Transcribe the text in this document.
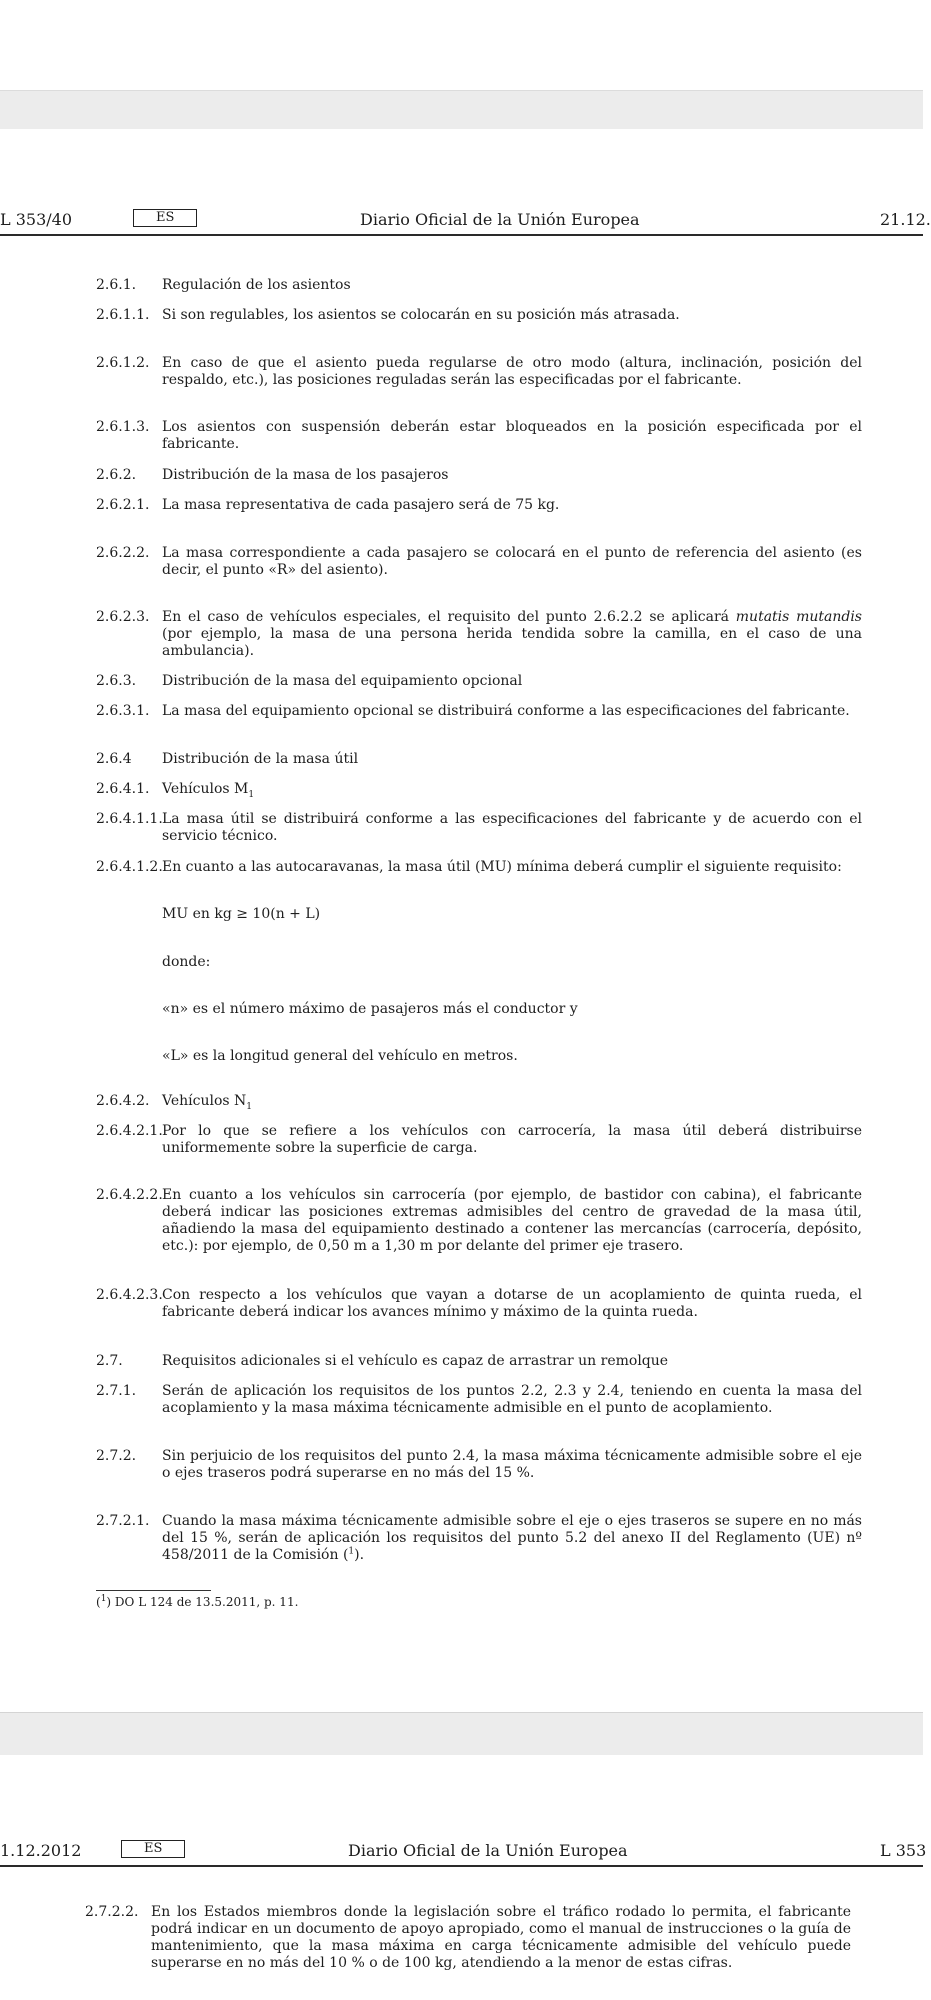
L 353/40	ES	Diario Oficial de la Unión Europea	21.12.
2.6.1. Regulación de los asientos
2.6.1.1. Si son regulables, los asientos se colocarán en su posición más atrasada.
2.6.1.2. En caso de que el asiento pueda regularse de otro modo (altura, inclinación, posición del respaldo, etc.), las posiciones reguladas serán las especificadas por el fabricante.
2.6.1.3. Los asientos con suspensión deberán estar bloqueados en la posición especificada por el fabricante.
2.6.2. Distribución de la masa de los pasajeros
2.6.2.1. La masa representativa de cada pasajero será de 75 kg.
2.6.2.2. La masa correspondiente a cada pasajero se colocará en el punto de referencia del asiento (es decir, el punto «R» del asiento).
2.6.2.3. En el caso de vehículos especiales, el requisito del punto 2.6.2.2 se aplicará mutatis mutandis (por ejemplo, la masa de una persona herida tendida sobre la camilla, en el caso de una ambulancia).
2.6.3. Distribución de la masa del equipamiento opcional
2.6.3.1. La masa del equipamiento opcional se distribuirá conforme a las especificaciones del fabricante.
2.6.4 Distribución de la masa útil
2.6.4.1. Vehículos $M_1$
2.6.4.1.1. La masa útil se distribuirá conforme a las especificaciones del fabricante y de acuerdo con el servicio técnico.
2.6.4.1.2. En cuanto a las autocaravanas, la masa útil (MU) mínima deberá cumplir el siguiente requisito:
MU en kg ≥ 10(n + L)
donde:
«n» es el número máximo de pasajeros más el conductor y
«L» es la longitud general del vehículo en metros.
2.6.4.2. Vehículos $N_1$
2.6.4.2.1. Por lo que se refiere a los vehículos con carrocería, la masa útil deberá distribuirse uniformemente sobre la superficie de carga.
2.6.4.2.2. En cuanto a los vehículos sin carrocería (por ejemplo, de bastidor con cabina), el fabricante deberá indicar las posiciones extremas admisibles del centro de gravedad de la masa útil, añadiendo la masa del equipamiento destinado a contener las mercancías (carrocería, depósito, etc.): por ejemplo, de 0,50 m a 1,30 m por delante del primer eje trasero.
2.6.4.2.3. Con respecto a los vehículos que vayan a dotarse de un acoplamiento de quinta rueda, el fabricante deberá indicar los avances mínimo y máximo de la quinta rueda.
2.7.	Requisitos adicionales si el vehículo es capaz de arrastrar un remolque
2.7.1. Serán de aplicación los requisitos de los puntos 2.2, 2.3 y 2.4, teniendo en cuenta la masa del acoplamiento y la masa máxima técnicamente admisible en el punto de acoplamiento.
2.7.2. Sin perjuicio de los requisitos del punto 2.4, la masa máxima técnicamente admisible sobre el eje o ejes traseros podrá superarse en no más del 15 %.
2.7.2.1. Cuando la masa máxima técnicamente admisible sobre el eje o ejes traseros se supere en no más del 15 %, serán de aplicación los requisitos del punto 5.2 del anexo II del Reglamento (UE) nº 458/2011 de la Comisión ($^1$).
($^1$) DO L 124 de 13.5.2011, p. 11.
1.12.2012	ES	Diario Oficial de la Unión Europea	L 353
2.7.2.2. En los Estados miembros donde la legislación sobre el tráfico rodado lo permita, el fabricante podrá indicar en un documento de apoyo apropiado, como el manual de instrucciones o la guía de mantenimiento, que la masa máxima en carga técnicamente admisible del vehículo puede superarse en no más del 10 % o de 100 kg, atendiendo a la menor de estas cifras.
